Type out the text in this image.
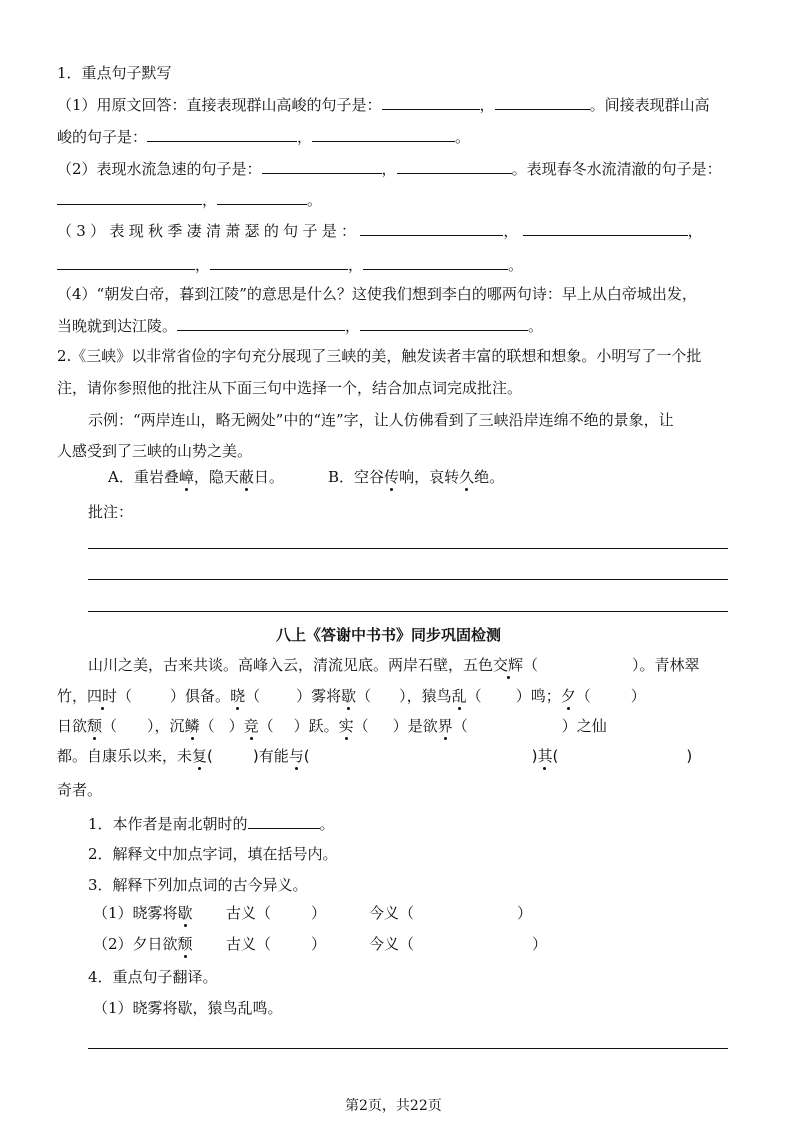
1．重点句子默写
（1）用原文回答：直接表现群山高峻的句子是：	，	。间接表现群山高
峻的句子是：	，	。
（2）表现水流急速的句子是：	，	。表现春冬水流清澈的句子是：
，	。
（3）表现秋季凄清萧瑟的句子是：	，	，
，	，	。
（4）“朝发白帝，暮到江陵”的意思是什么？这使我们想到李白的哪两句诗：早上从白帝城出发，
当晚就到达江陵。	，	。
2.《三峡》以非常省俭的字句充分展现了三峡的美，触发读者丰富的联想和想象。小明写了一个批
注，请你参照他的批注从下面三句中选择一个，结合加点词完成批注。
示例：“两岸连山，略无阙处”中的“连”字，让人仿佛看到了三峡沿岸连绵不绝的景象，让
人感受到了三峡的山势之美。
A．重岩叠嶂，隐天蔽日。	B．空谷传响，哀转久绝。
批注：
八上《答谢中书书》同步巩固检测
山川之美，古来共谈。高峰入云，清流见底。两岸石壁，五色交辉（	）。青林翠
竹，四时（	）俱备。晓（ ）雾将歇（ ），猿鸟乱（ ）鸣；夕（	）
日欲颓（ ），沉鳞（ ）竞（ ）跃。实（ ）是欲界（	）之仙
都。自康乐以来，未复(	)有能与(	)其(	)
奇者。
1．本作者是南北朝时的	。
2．解释文中加点字词，填在括号内。
3．解释下列加点词的古今异义。
（1）晓雾将歇 古义（	）	今义（	）
（2）夕日欲颓 古义（	）	今义（	）
4．重点句子翻译。
（1）晓雾将歇，猿鸟乱鸣。
第2页，共22页
